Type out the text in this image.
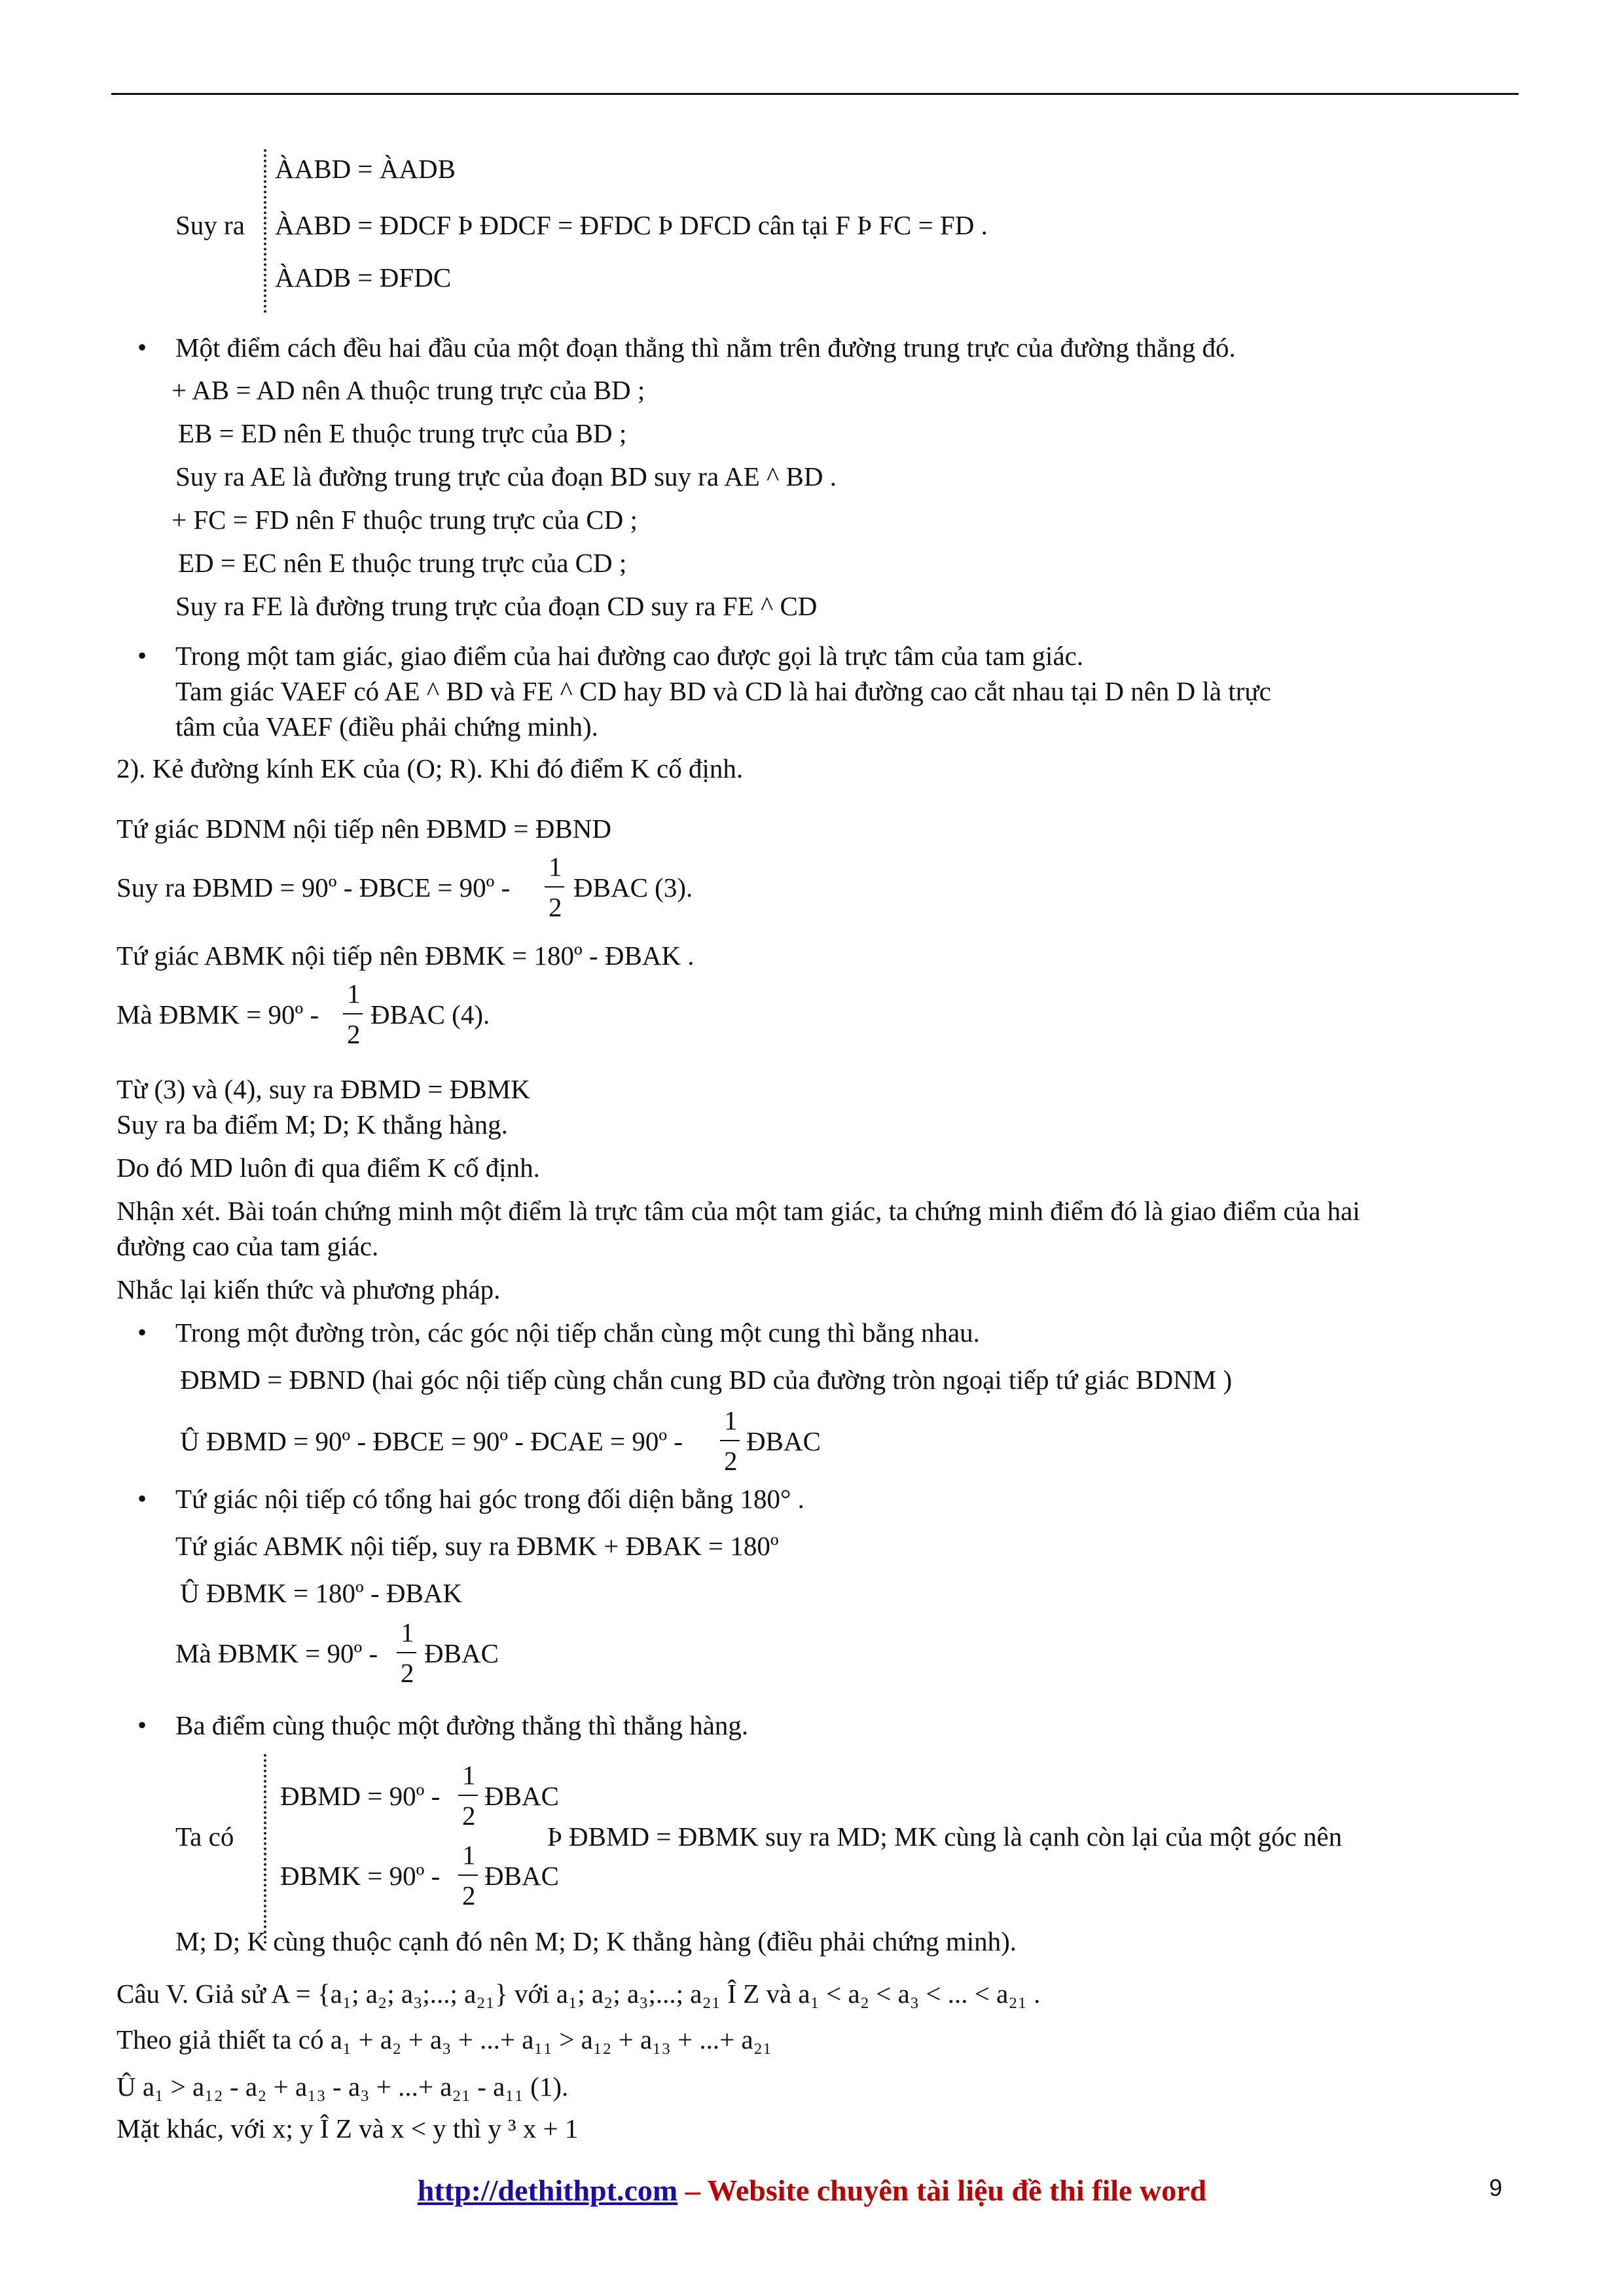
ÀABD = ÀADB
Suy ra ÀABD = ÐDCF Þ ÐDCF = ÐFDC Þ DFCD cân tại F Þ FC = FD .
ÀADB = ÐFDC
• Một điểm cách đều hai đầu của một đoạn thẳng thì nằm trên đường trung trực của đường thẳng đó.
+ AB = AD nên A thuộc trung trực của BD ;
EB = ED nên E thuộc trung trực của BD ;
Suy ra AE là đường trung trực của đoạn BD suy ra AE ^ BD .
+ FC = FD nên F thuộc trung trực của CD ;
ED = EC nên E thuộc trung trực của CD ;
Suy ra FE là đường trung trực của đoạn CD suy ra FE ^ CD
• Trong một tam giác, giao điểm của hai đường cao được gọi là trực tâm của tam giác.
Tam giác VAEF có AE ^ BD và FE ^ CD hay BD và CD là hai đường cao cắt nhau tại D nên D là trực
tâm của VAEF (điều phải chứng minh).
2). Kẻ đường kính EK của (O; R). Khi đó điểm K cố định.
Tứ giác BDNM nội tiếp nên ÐBMD = ÐBND
Suy ra ÐBMD = 90º - ÐBCE = 90º -
1
2
ÐBAC (3).
Tứ giác ABMK nội tiếp nên ÐBMK = 180º - ÐBAK .
Mà ÐBMK = 90º -
1
2
ÐBAC (4).
Từ (3) và (4), suy ra ÐBMD = ÐBMK
Suy ra ba điểm M; D; K thẳng hàng.
Do đó MD luôn đi qua điểm K cố định.
Nhận xét. Bài toán chứng minh một điểm là trực tâm của một tam giác, ta chứng minh điểm đó là giao điểm của hai
đường cao của tam giác.
Nhắc lại kiến thức và phương pháp.
• Trong một đường tròn, các góc nội tiếp chắn cùng một cung thì bằng nhau.
ÐBMD = ÐBND (hai góc nội tiếp cùng chắn cung BD của đường tròn ngoại tiếp tứ giác BDNM )
Û ÐBMD = 90º - ÐBCE = 90º - ÐCAE = 90º -
1
2
ÐBAC
• Tứ giác nội tiếp có tổng hai góc trong đối diện bằng 180° .
Tứ giác ABMK nội tiếp, suy ra ÐBMK + ÐBAK = 180º
Û ÐBMK = 180º - ÐBAK
Mà ÐBMK = 90º -
1
2
ÐBAC
• Ba điểm cùng thuộc một đường thẳng thì thẳng hàng.
ÐBMD = 90º -
1
2
ÐBAC
Ta có	Þ ÐBMD = ÐBMK suy ra MD; MK cùng là cạnh còn lại của một góc nên
ÐBMK = 90º -
1
2
ÐBAC
M; D; K cùng thuộc cạnh đó nên M; D; K thẳng hàng (điều phải chứng minh).
Câu V. Giả sử A = {a₁; a₂; a₃;...; a₂₁} với a₁; a₂; a₃;...; a₂₁ Î Z và a₁ < a₂ < a₃ < ... < a₂₁ .
Theo giả thiết ta có a₁ + a₂ + a₃ + ...+ a₁₁ > a₁₂ + a₁₃ + ...+ a₂₁
Û a₁ > a₁₂ - a₂ + a₁₃ - a₃ + ...+ a₂₁ - a₁₁ (1).
Mặt khác, với x; y Î Z và x < y thì y ³ x + 1
http://dethithpt.com – Website chuyên tài liệu đề thi file word	9
